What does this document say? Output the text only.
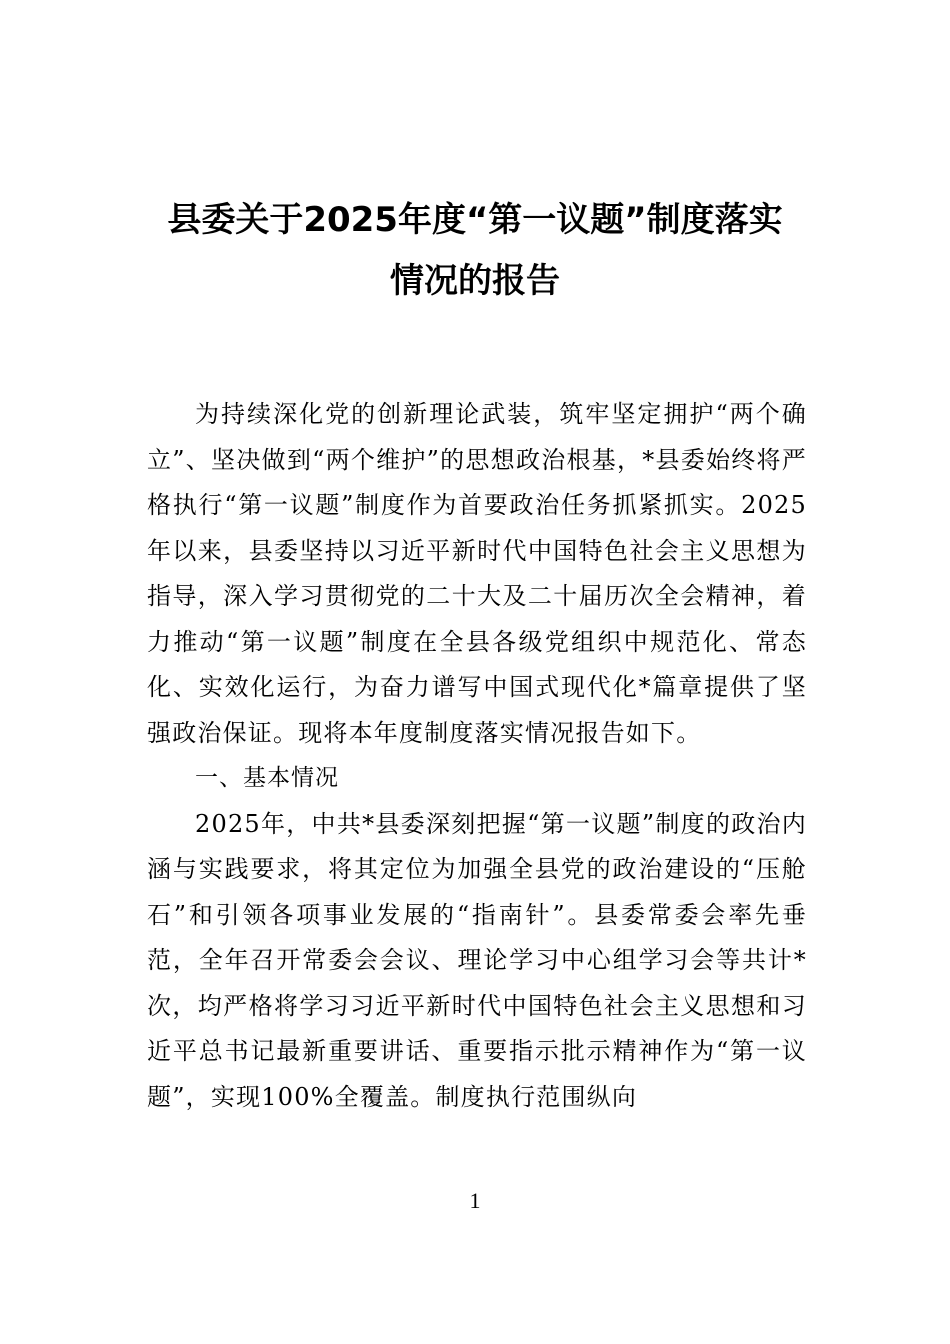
县委关于2025年度“第一议题”制度落实
情况的报告

为持续深化党的创新理论武装，筑牢坚定拥护“两个确立”、坚决做到“两个维护”的思想政治根基，*县委始终将严格执行“第一议题”制度作为首要政治任务抓紧抓实。2025年以来，县委坚持以习近平新时代中国特色社会主义思想为指导，深入学习贯彻党的二十大及二十届历次全会精神，着力推动“第一议题”制度在全县各级党组织中规范化、常态化、实效化运行，为奋力谱写中国式现代化*篇章提供了坚强政治保证。现将本年度制度落实情况报告如下。

一、基本情况

2025年，中共*县委深刻把握“第一议题”制度的政治内涵与实践要求，将其定位为加强全县党的政治建设的“压舱石”和引领各项事业发展的“指南针”。县委常委会率先垂范，全年召开常委会会议、理论学习中心组学习会等共计*次，均严格将学习习近平新时代中国特色社会主义思想和习近平总书记最新重要讲话、重要指示批示精神作为“第一议题”，实现100%全覆盖。制度执行范围纵向

1
